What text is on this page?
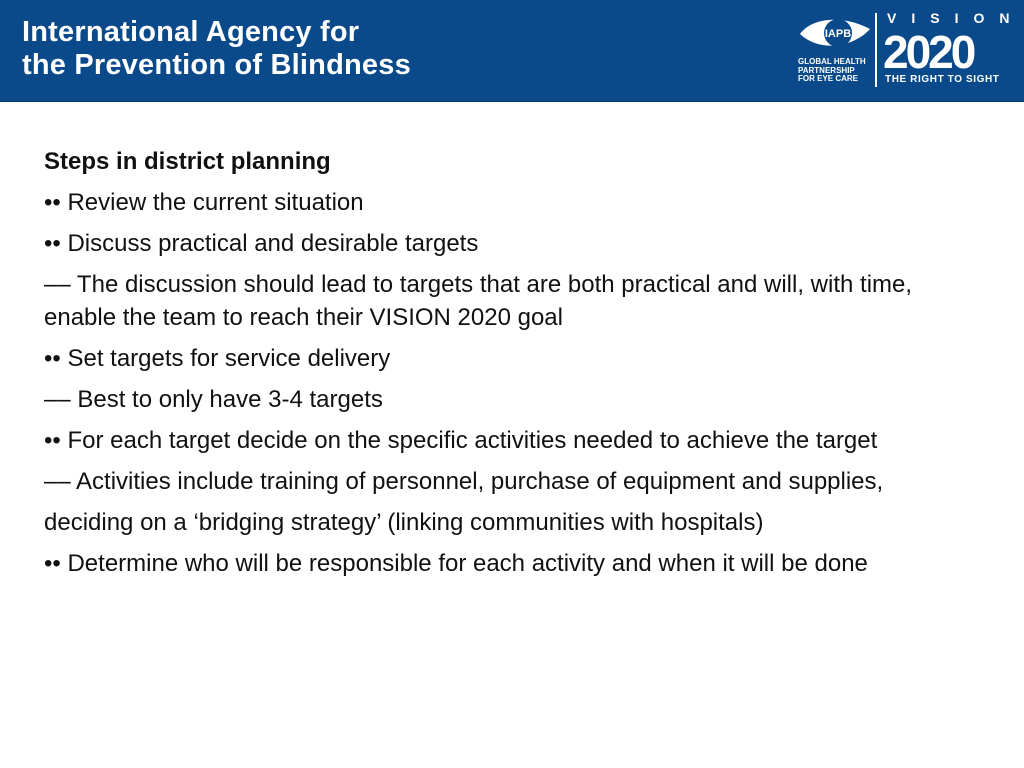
International Agency for
the Prevention of Blindness
IAPB
GLOBAL HEALTH
PARTNERSHIP
FOR EYE CARE
VISION
2020
THE RIGHT TO SIGHT

Steps in district planning

•• Review the current situation

•• Discuss practical and desirable targets

–– The discussion should lead to targets that are both practical and will, with time, enable the team to reach their VISION 2020 goal

•• Set targets for service delivery

–– Best to only have 3-4 targets

•• For each target decide on the specific activities needed to achieve the target

–– Activities include training of personnel, purchase of equipment and supplies,

deciding on a ‘bridging strategy’ (linking communities with hospitals)

•• Determine who will be responsible for each activity and when it will be done
